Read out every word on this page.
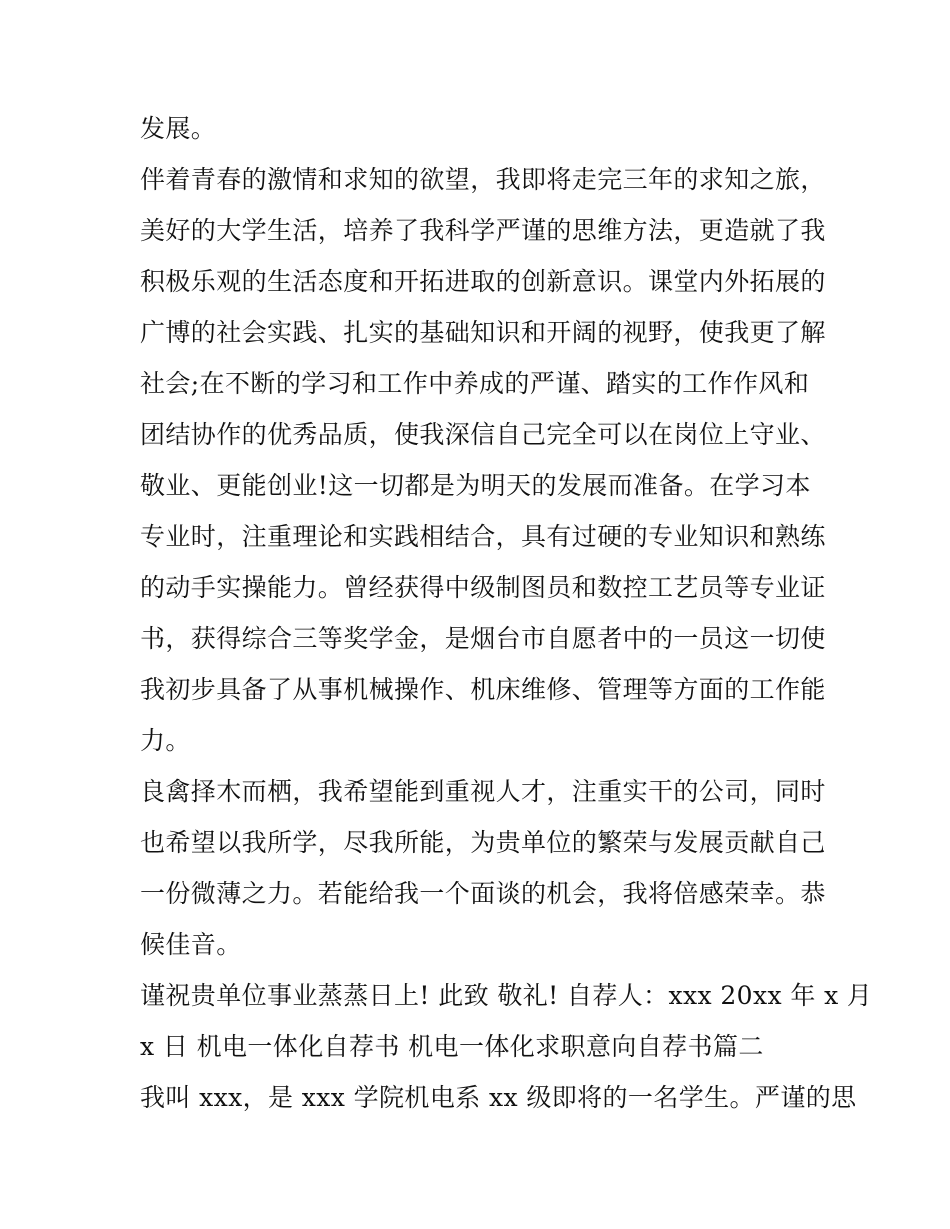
发展。
伴着青春的激情和求知的欲望，我即将走完三年的求知之旅，
美好的大学生活，培养了我科学严谨的思维方法，更造就了我
积极乐观的生活态度和开拓进取的创新意识。课堂内外拓展的
广博的社会实践、扎实的基础知识和开阔的视野，使我更了解
社会;在不断的学习和工作中养成的严谨、踏实的工作作风和
团结协作的优秀品质，使我深信自己完全可以在岗位上守业、
敬业、更能创业!这一切都是为明天的发展而准备。在学习本
专业时，注重理论和实践相结合，具有过硬的专业知识和熟练
的动手实操能力。曾经获得中级制图员和数控工艺员等专业证
书，获得综合三等奖学金，是烟台市自愿者中的一员这一切使
我初步具备了从事机械操作、机床维修、管理等方面的工作能
力。
良禽择木而栖，我希望能到重视人才，注重实干的公司，同时
也希望以我所学，尽我所能，为贵单位的繁荣与发展贡献自己
一份微薄之力。若能给我一个面谈的机会，我将倍感荣幸。恭
候佳音。
谨祝贵单位事业蒸蒸日上! 此致 敬礼! 自荐人：xxx 20xx 年 x 月
x 日 机电一体化自荐书 机电一体化求职意向自荐书篇二
我叫 xxx，是 xxx 学院机电系 xx 级即将的一名学生。严谨的思
